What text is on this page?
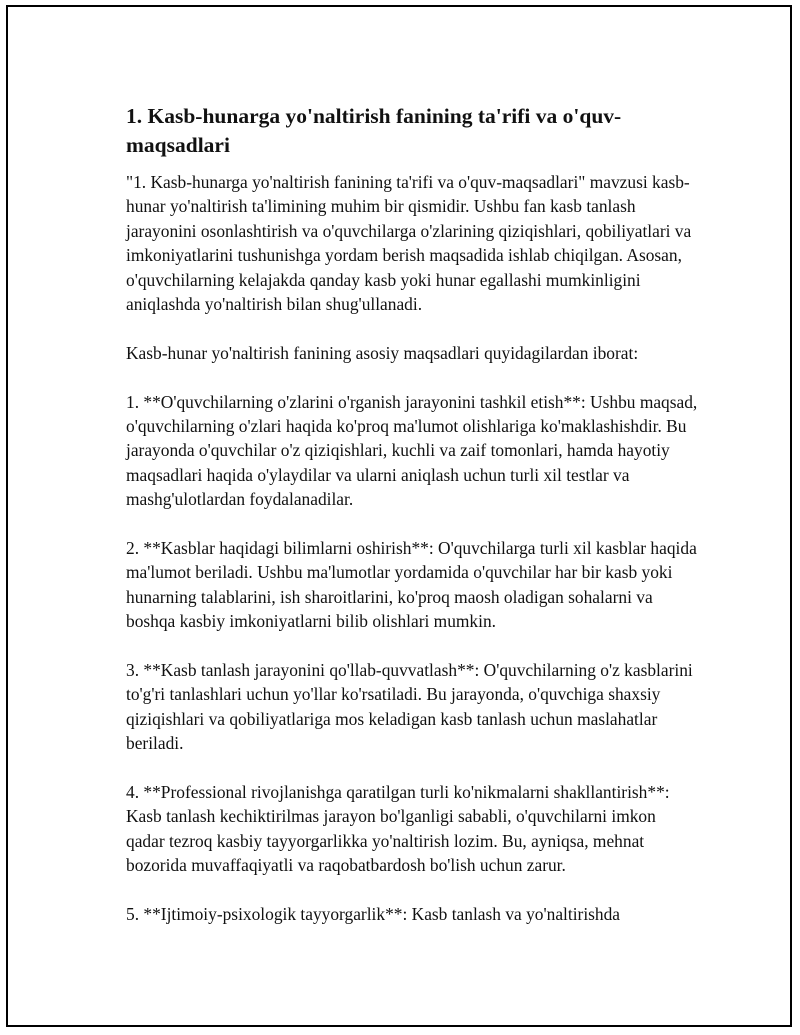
1. Kasb-hunarga yo'naltirish fanining ta'rifi va o'quv-maqsadlari

"1. Kasb-hunarga yo'naltirish fanining ta'rifi va o'quv-maqsadlari" mavzusi kasb-hunar yo'naltirish ta'limining muhim bir qismidir. Ushbu fan kasb tanlash jarayonini osonlashtirish va o'quvchilarga o'zlarining qiziqishlari, qobiliyatlari va imkoniyatlarini tushunishga yordam berish maqsadida ishlab chiqilgan. Asosan, o'quvchilarning kelajakda qanday kasb yoki hunar egallashi mumkinligini aniqlashda yo'naltirish bilan shug'ullanadi.

Kasb-hunar yo'naltirish fanining asosiy maqsadlari quyidagilardan iborat:

1. **O'quvchilarning o'zlarini o'rganish jarayonini tashkil etish**: Ushbu maqsad, o'quvchilarning o'zlari haqida ko'proq ma'lumot olishlariga ko'maklashishdir. Bu jarayonda o'quvchilar o'z qiziqishlari, kuchli va zaif tomonlari, hamda hayotiy maqsadlari haqida o'ylaydilar va ularni aniqlash uchun turli xil testlar va mashg'ulotlardan foydalanadilar.

2. **Kasblar haqidagi bilimlarni oshirish**: O'quvchilarga turli xil kasblar haqida ma'lumot beriladi. Ushbu ma'lumotlar yordamida o'quvchilar har bir kasb yoki hunarning talablarini, ish sharoitlarini, ko'proq maosh oladigan sohalarni va boshqa kasbiy imkoniyatlarni bilib olishlari mumkin.

3. **Kasb tanlash jarayonini qo'llab-quvvatlash**: O'quvchilarning o'z kasblarini to'g'ri tanlashlari uchun yo'llar ko'rsatiladi. Bu jarayonda, o'quvchiga shaxsiy qiziqishlari va qobiliyatlariga mos keladigan kasb tanlash uchun maslahatlar beriladi.

4. **Professional rivojlanishga qaratilgan turli ko'nikmalarni shakllantirish**: Kasb tanlash kechiktirilmas jarayon bo'lganligi sababli, o'quvchilarni imkon qadar tezroq kasbiy tayyorgarlikka yo'naltirish lozim. Bu, ayniqsa, mehnat bozorida muvaffaqiyatli va raqobatbardosh bo'lish uchun zarur.

5. **Ijtimoiy-psixologik tayyorgarlik**: Kasb tanlash va yo'naltirishda
